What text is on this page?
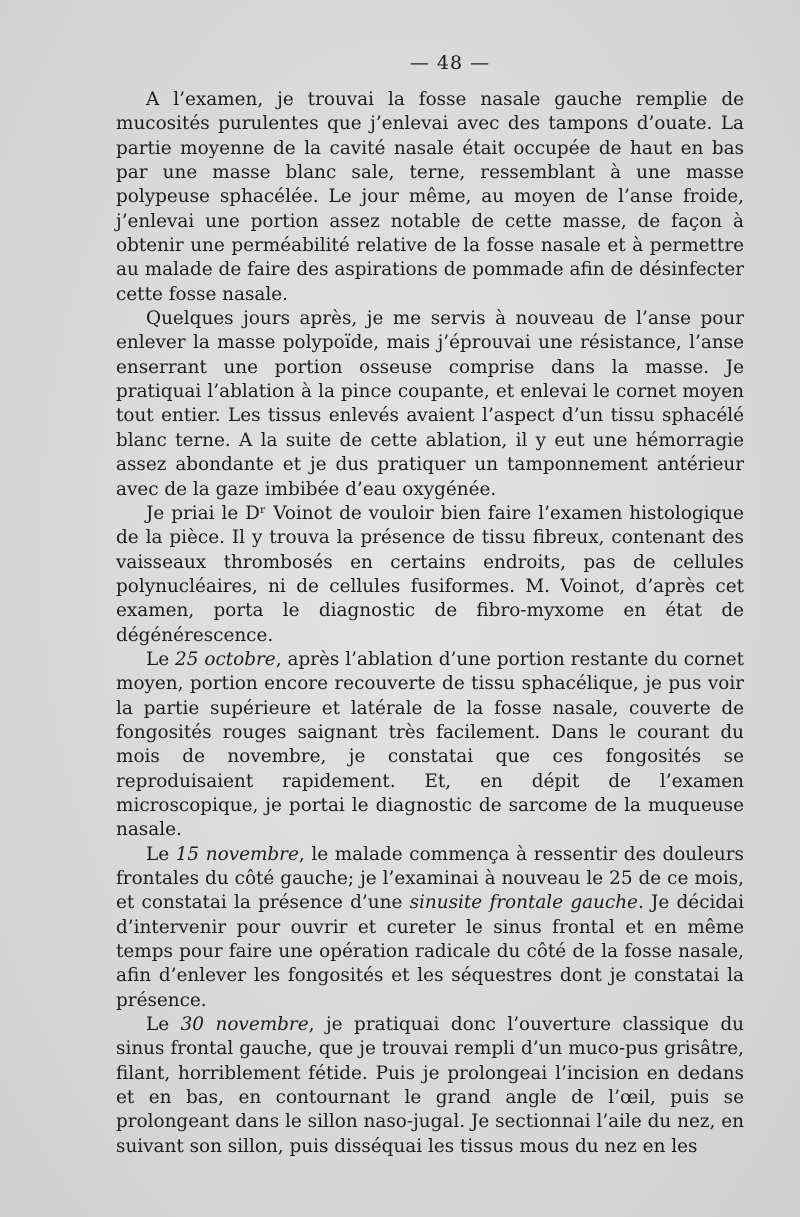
— 48 —

A l’examen, je trouvai la fosse nasale gauche remplie de mucosités purulentes que j’enlevai avec des tampons d’ouate. La partie moyenne de la cavité nasale était occupée de haut en bas par une masse blanc sale, terne, ressemblant à une masse polypeuse sphacélée. Le jour même, au moyen de l’anse froide, j’enlevai une portion assez notable de cette masse, de façon à obtenir une perméabilité relative de la fosse nasale et à permettre au malade de faire des aspirations de pommade afin de désinfecter cette fosse nasale.

Quelques jours après, je me servis à nouveau de l’anse pour enlever la masse polypoïde, mais j’éprouvai une résistance, l’anse enserrant une portion osseuse comprise dans la masse. Je pratiquai l’ablation à la pince coupante, et enlevai le cornet moyen tout entier. Les tissus enlevés avaient l’aspect d’un tissu sphacélé blanc terne. A la suite de cette ablation, il y eut une hémorragie assez abondante et je dus pratiquer un tamponnement antérieur avec de la gaze imbibée d’eau oxygénée.

Je priai le Dʳ Voinot de vouloir bien faire l’examen histologique de la pièce. Il y trouva la présence de tissu fibreux, contenant des vaisseaux thrombosés en certains endroits, pas de cellules polynucléaires, ni de cellules fusiformes. M. Voinot, d’après cet examen, porta le diagnostic de fibro-myxome en état de dégénérescence.

Le 25 octobre, après l’ablation d’une portion restante du cornet moyen, portion encore recouverte de tissu sphacélique, je pus voir la partie supérieure et latérale de la fosse nasale, couverte de fongosités rouges saignant très facilement. Dans le courant du mois de novembre, je constatai que ces fongosités se reproduisaient rapidement. Et, en dépit de l’examen microscopique, je portai le diagnostic de sarcome de la muqueuse nasale.

Le 15 novembre, le malade commença à ressentir des douleurs frontales du côté gauche; je l’examinai à nouveau le 25 de ce mois, et constatai la présence d’une sinusite frontale gauche. Je décidai d’intervenir pour ouvrir et cureter le sinus frontal et en même temps pour faire une opération radicale du côté de la fosse nasale, afin d’enlever les fongosités et les séquestres dont je constatai la présence.

Le 30 novembre, je pratiquai donc l’ouverture classique du sinus frontal gauche, que je trouvai rempli d’un muco-pus grisâtre, filant, horriblement fétide. Puis je prolongeai l’incision en dedans et en bas, en contournant le grand angle de l’œil, puis se prolongeant dans le sillon naso-jugal. Je sectionnai l’aile du nez, en suivant son sillon, puis disséquai les tissus mous du nez en les
